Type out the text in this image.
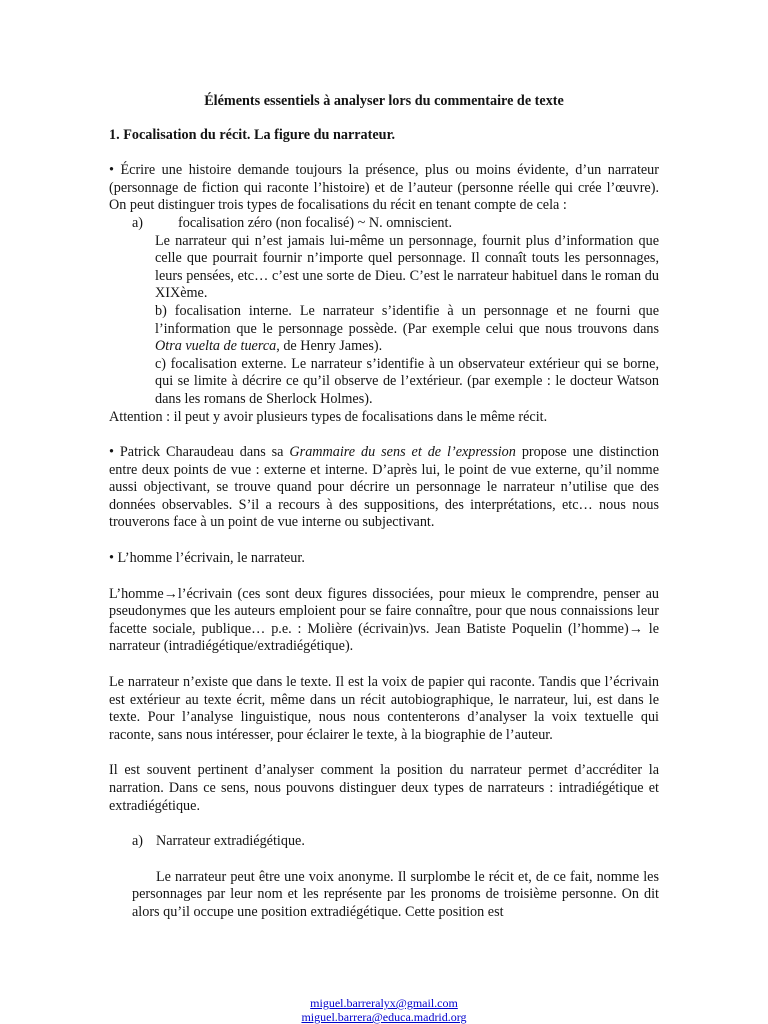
Éléments essentiels à analyser lors du commentaire de texte

1. Focalisation du récit. La figure du narrateur.

• Écrire une histoire demande toujours la présence, plus ou moins évidente, d’un narrateur (personnage de fiction qui raconte l’histoire) et de l’auteur (personne réelle qui crée l’œuvre). On peut distinguer trois types de focalisations du récit en tenant compte de cela :

a) focalisation zéro (non focalisé) ~ N. omniscient.

Le narrateur qui n’est jamais lui-même un personnage, fournit plus d’information que celle que pourrait fournir n’importe quel personnage. Il connaît touts les personnages, leurs pensées, etc… c’est une sorte de Dieu. C’est le narrateur habituel dans le roman du XIXème.

b) focalisation interne. Le narrateur s’identifie à un personnage et ne fourni que l’information que le personnage possède. (Par exemple celui que nous trouvons dans Otra vuelta de tuerca, de Henry James).

c) focalisation externe. Le narrateur s’identifie à un observateur extérieur qui se borne, qui se limite à décrire ce qu’il observe de l’extérieur. (par exemple : le docteur Watson dans les romans de Sherlock Holmes).

Attention : il peut y avoir plusieurs types de focalisations dans le même récit.

• Patrick Charaudeau dans sa Grammaire du sens et de l’expression propose une distinction entre deux points de vue : externe et interne. D’après lui, le point de vue externe, qu’il nomme aussi objectivant, se trouve quand pour décrire un personnage le narrateur n’utilise que des données observables. S’il a recours à des suppositions, des interprétations, etc… nous nous trouverons face à un point de vue interne ou subjectivant.

• L’homme l’écrivain, le narrateur.

L’homme→l’écrivain (ces sont deux figures dissociées, pour mieux le comprendre, penser au pseudonymes que les auteurs emploient pour se faire connaître, pour que nous connaissions leur facette sociale, publique… p.e. : Molière (écrivain)vs. Jean Batiste Poquelin (l’homme)→ le narrateur (intradiégétique/extradiégétique).

Le narrateur n’existe que dans le texte. Il est la voix de papier qui raconte. Tandis que l’écrivain est extérieur au texte écrit, même dans un récit autobiographique, le narrateur, lui, est dans le texte. Pour l’analyse linguistique, nous nous contenterons d’analyser la voix textuelle qui raconte, sans nous intéresser, pour éclairer le texte, à la biographie de l’auteur.

Il est souvent pertinent d’analyser comment la position du narrateur permet d’accréditer la narration. Dans ce sens, nous pouvons distinguer deux types de narrateurs : intradiégétique et extradiégétique.

a) Narrateur extradiégétique.

Le narrateur peut être une voix anonyme. Il surplombe le récit et, de ce fait, nomme les personnages par leur nom et les représente par les pronoms de troisième personne. On dit alors qu’il occupe une position extradiégétique. Cette position est

miguel.barreralyx@gmail.com
miguel.barrera@educa.madrid.org
